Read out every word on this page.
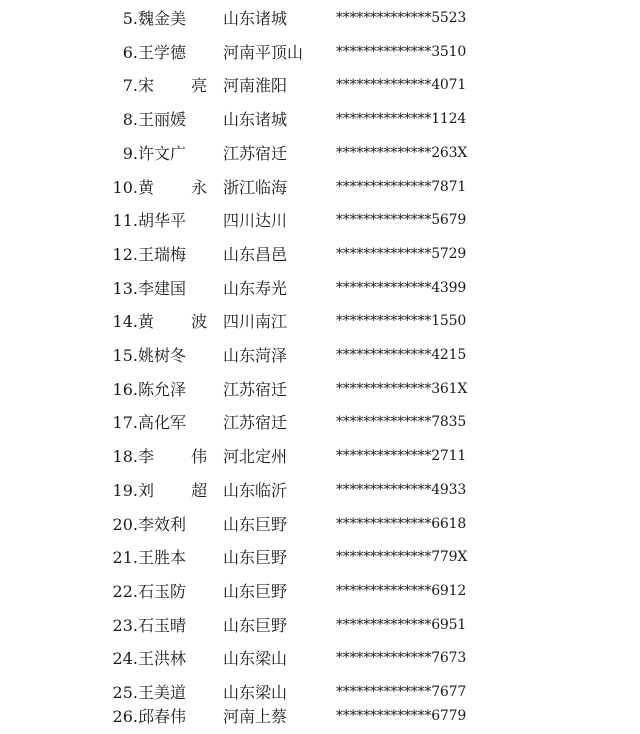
5. 魏金美 山东诸城	**************5523
6. 王学德 河南平顶山 **************3510
7. 宋 亮 河南淮阳	**************4071
8. 王丽媛 山东诸城	**************1124
9. 许文广 江苏宿迁	**************263X
10. 黄 永 浙江临海	**************7871
11. 胡华平 四川达川	**************5679
12. 王瑞梅 山东昌邑	**************5729
13. 李建国 山东寿光	**************4399
14. 黄 波 四川南江	**************1550
15. 姚树冬 山东菏泽	**************4215
16. 陈允泽 江苏宿迁	**************361X
17. 高化军 江苏宿迁	**************7835
18. 李 伟 河北定州	**************2711
19. 刘 超 山东临沂	**************4933
20. 李效利 山东巨野	**************6618
21. 王胜本 山东巨野	**************779X
22. 石玉防 山东巨野	**************6912
23. 石玉晴 山东巨野	**************6951
24. 王洪林 山东梁山	**************7673
25. 王美道 山东梁山	**************7677
26. 邱春伟 河南上蔡	**************6779
